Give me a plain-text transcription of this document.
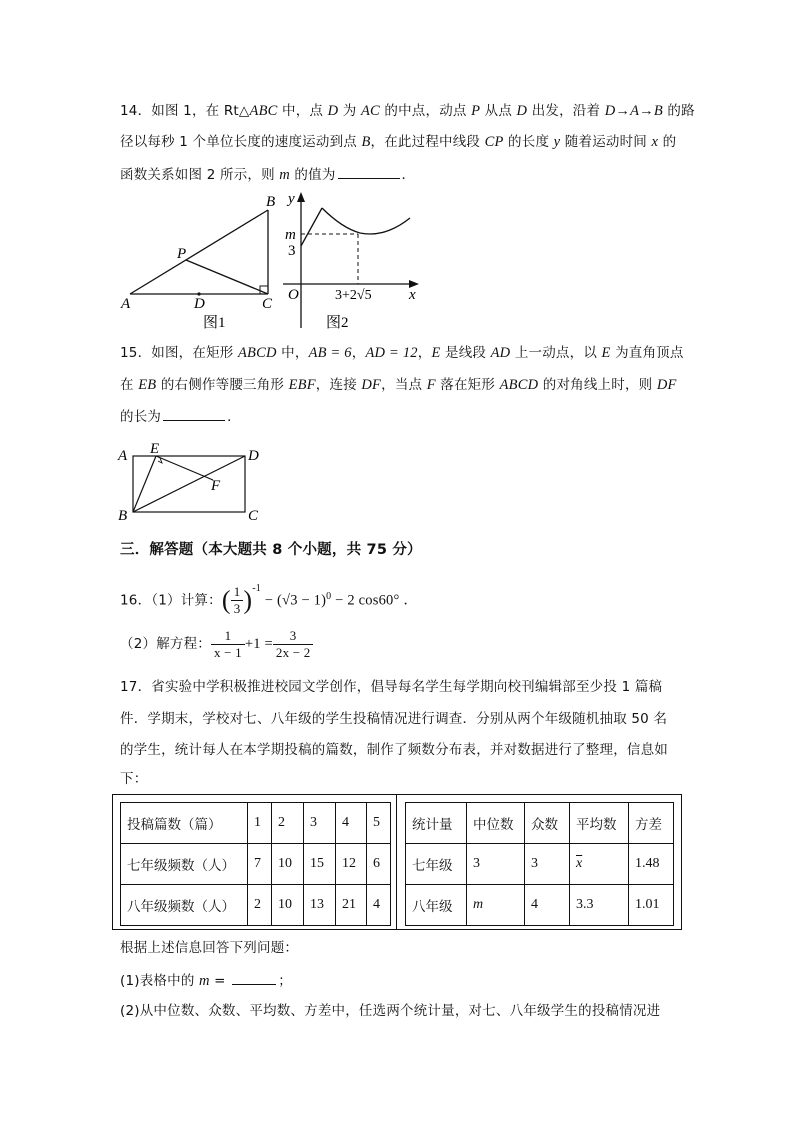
14．如图 1，在 Rt△ABC 中，点 D 为 AC 的中点，动点 P 从点 D 出发，沿着 D→A→B 的路
径以每秒 1 个单位长度的速度运动到点 B，在此过程中线段 CP 的长度 y 随着运动时间 x 的
函数关系如图 2 所示，则 m 的值为	．
B
P
A	D	C
图1
y
m
3
O	3+2√5 x
图2
15．如图，在矩形 ABCD 中，AB = 6，AD = 12，E 是线段 AD 上一动点，以 E 为直角顶点
在 EB 的右侧作等腰三角形 EBF，连接 DF，当点 F 落在矩形 ABCD 的对角线上时，则 DF
的长为	．
A E	D
F
B	C
三．解答题（本大题共 8 个小题，共 75 分）
16．（1）计算：( $\frac{1}{3} )^{-1} - (√3 - 1)^0 - 2$ cos60° ．
（2）解方程： $\frac{1}{x - 1} +1 = \frac{3}{2x - 2}$
17．省实验中学积极推进校园文学创作，倡导每名学生每学期向校刊编辑部至少投 1 篇稿
件．学期末，学校对七、八年级的学生投稿情况进行调查．分别从两个年级随机抽取 50 名
的学生，统计每人在本学期投稿的篇数，制作了频数分布表，并对数据进行了整理，信息如
下：
投稿篇数（篇）	1	2	3	4	5
七年级频数（人）	7	10	15	12	6
八年级频数（人）	2	10	13	21	4
统计量	中位数	众数	平均数	方差
七年级	3	3	$\overline{x}$	1.48
八年级	m	4	3.3	1.01
根据上述信息回答下列问题：
(1)表格中的 m =	；
(2)从中位数、众数、平均数、方差中，任选两个统计量，对七、八年级学生的投稿情况进
